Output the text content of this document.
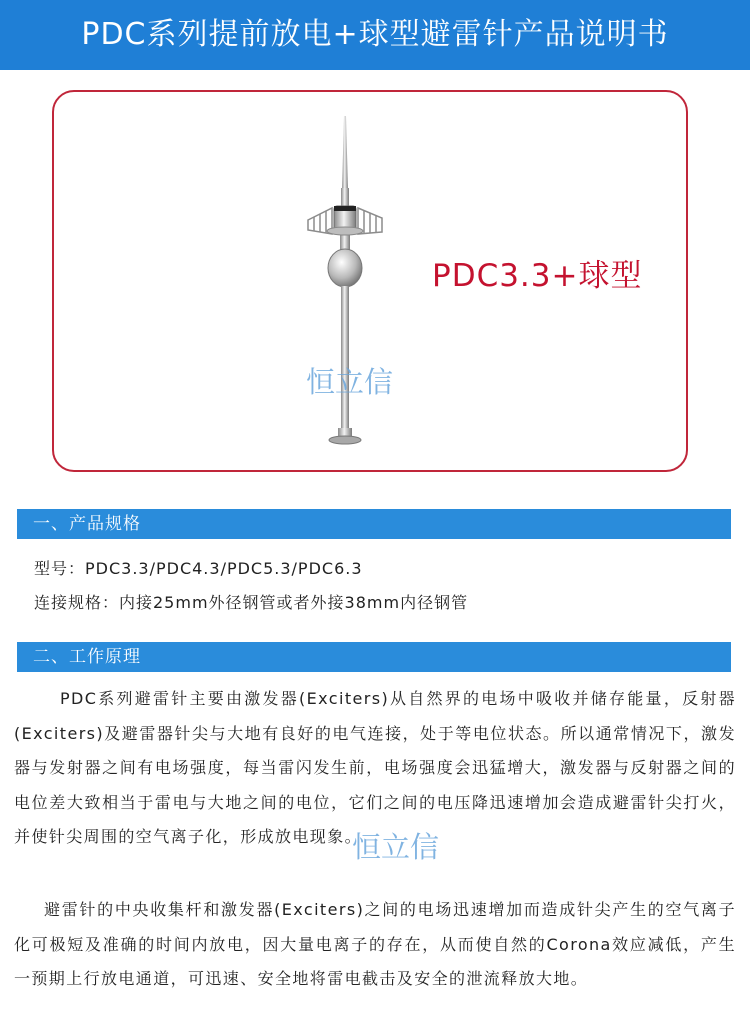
PDC系列提前放电+球型避雷针产品说明书
PDC3.3+球型
恒立信
一、产品规格
型号：PDC3.3/PDC4.3/PDC5.3/PDC6.3
连接规格：内接25mm外径钢管或者外接38mm内径钢管
二、工作原理

PDC系列避雷针主要由激发器(Exciters)从自然界的电场中吸收并储存能量，反射器(Exciters)及避雷器针尖与大地有良好的电气连接，处于等电位状态。所以通常情况下，激发器与发射器之间有电场强度，每当雷闪发生前，电场强度会迅猛增大，激发器与反射器之间的电位差大致相当于雷电与大地之间的电位，它们之间的电压降迅速增加会造成避雷针尖打火，并使针尖周围的空气离子化，形成放电现象。

避雷针的中央收集杆和激发器(Exciters)之间的电场迅速增加而造成针尖产生的空气离子化可极短及准确的时间内放电，因大量电离子的存在，从而使自然的Corona效应减低，产生一预期上行放电通道，可迅速、安全地将雷电截击及安全的泄流释放大地。

恒立信
